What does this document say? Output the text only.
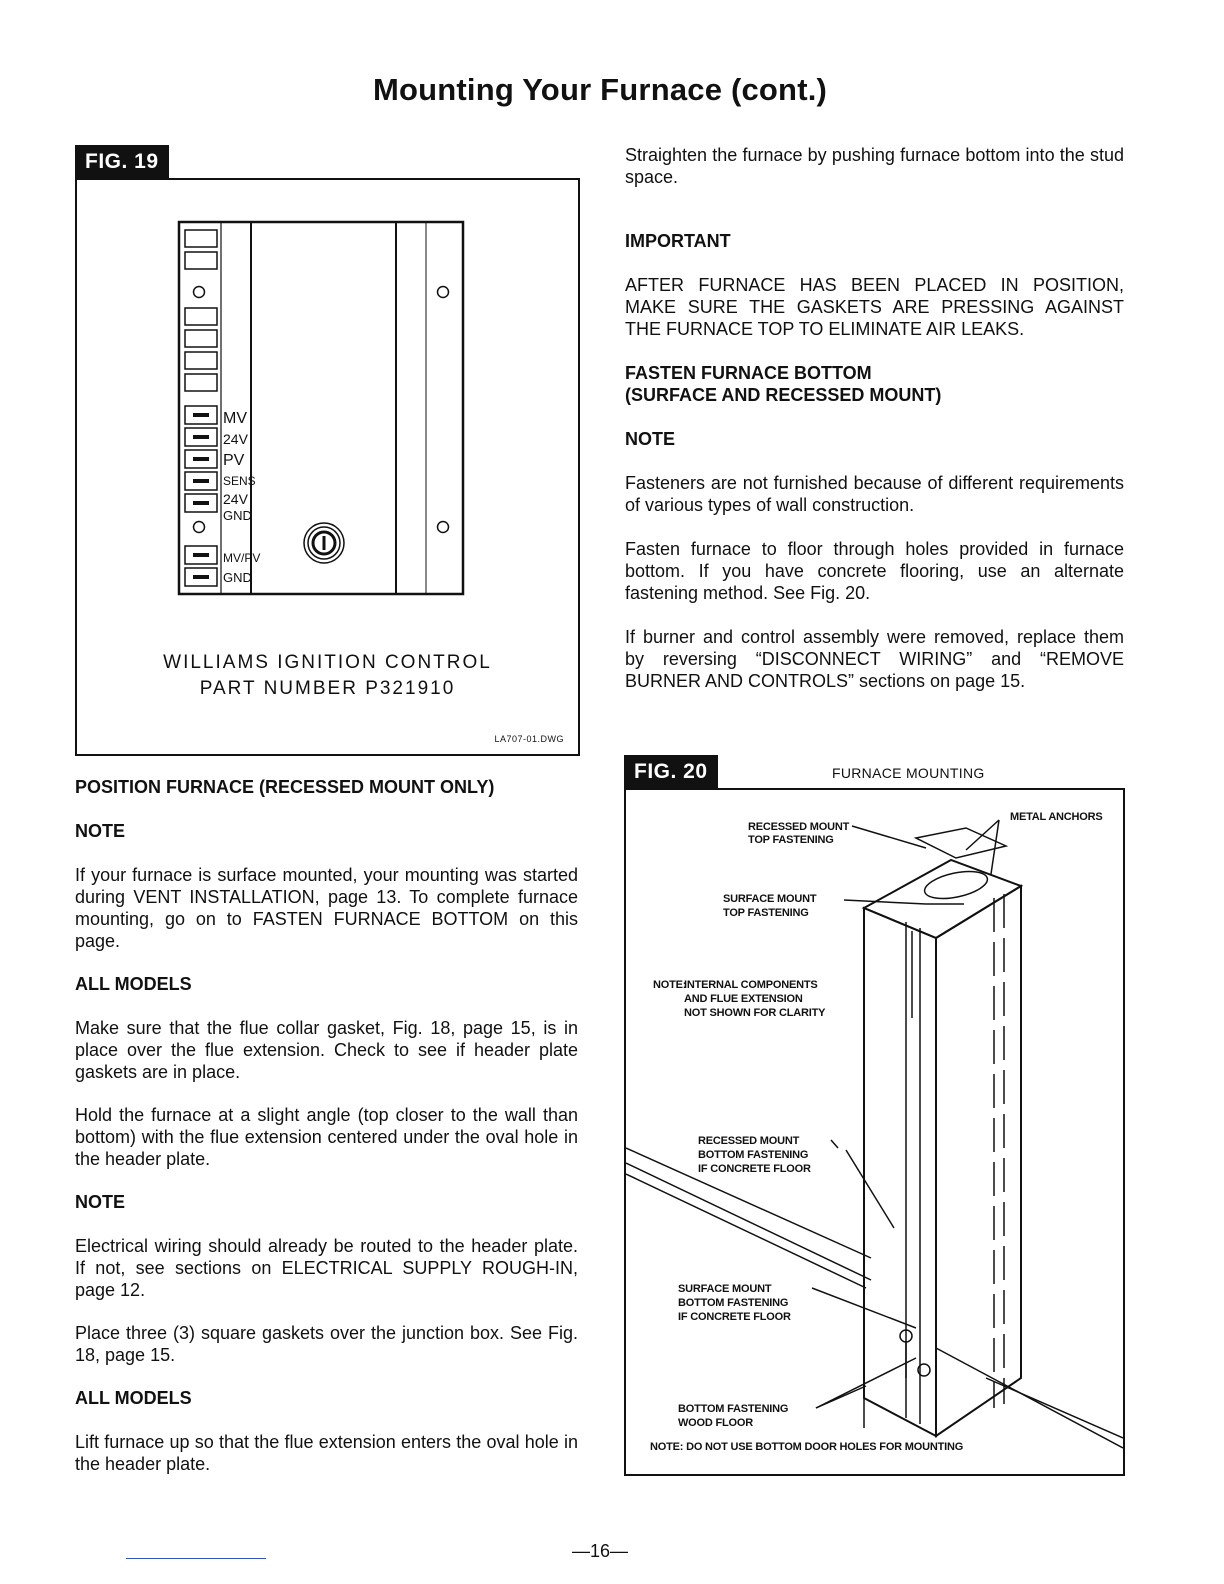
Mounting Your Furnace (cont.)
FIG. 19
MV
24V
PV
SENS
24V
GND
MV/PV
GND
WILLIAMS IGNITION CONTROL
PART NUMBER P321910
LA707-01.DWG

POSITION FURNACE (RECESSED MOUNT ONLY)

NOTE

If your furnace is surface mounted, your mounting was started during VENT INSTALLATION, page 13. To complete furnace mounting, go on to FASTEN FURNACE BOTTOM on this page.

ALL MODELS

Make sure that the flue collar gasket, Fig. 18, page 15, is in place over the flue extension. Check to see if header plate gaskets are in place.

Hold the furnace at a slight angle (top closer to the wall than bottom) with the flue extension centered under the oval hole in the header plate.

NOTE

Electrical wiring should already be routed to the header plate. If not, see sections on ELECTRICAL SUPPLY ROUGH-IN, page 12.

Place three (3) square gaskets over the junction box. See Fig. 18, page 15.

ALL MODELS

Lift furnace up so that the flue extension enters the oval hole in the header plate.

Straighten the furnace by pushing furnace bottom into the stud space.

IMPORTANT

AFTER FURNACE HAS BEEN PLACED IN POSITION, MAKE SURE THE GASKETS ARE PRESSING AGAINST THE FURNACE TOP TO ELIMINATE AIR LEAKS.

FASTEN FURNACE BOTTOM

(SURFACE AND RECESSED MOUNT)

NOTE

Fasteners are not furnished because of different requirements of various types of wall construction.

Fasten furnace to floor through holes provided in furnace bottom. If you have concrete flooring, use an alternate fastening method. See Fig. 20.

If burner and control assembly were removed, replace them by reversing “DISCONNECT WIRING” and “REMOVE BURNER AND CONTROLS” sections on page 15.

FIG. 20	FURNACE MOUNTING
RECESSED MOUNT
TOP FASTENING
METAL ANCHORS
SURFACE MOUNT
TOP FASTENING
NOTE:
INTERNAL COMPONENTS
AND FLUE EXTENSION
NOT SHOWN FOR CLARITY
RECESSED MOUNT
BOTTOM FASTENING
IF CONCRETE FLOOR
SURFACE MOUNT
BOTTOM FASTENING
IF CONCRETE FLOOR
BOTTOM FASTENING
WOOD FLOOR
NOTE: DO NOT USE BOTTOM DOOR HOLES FOR MOUNTING
—16—
